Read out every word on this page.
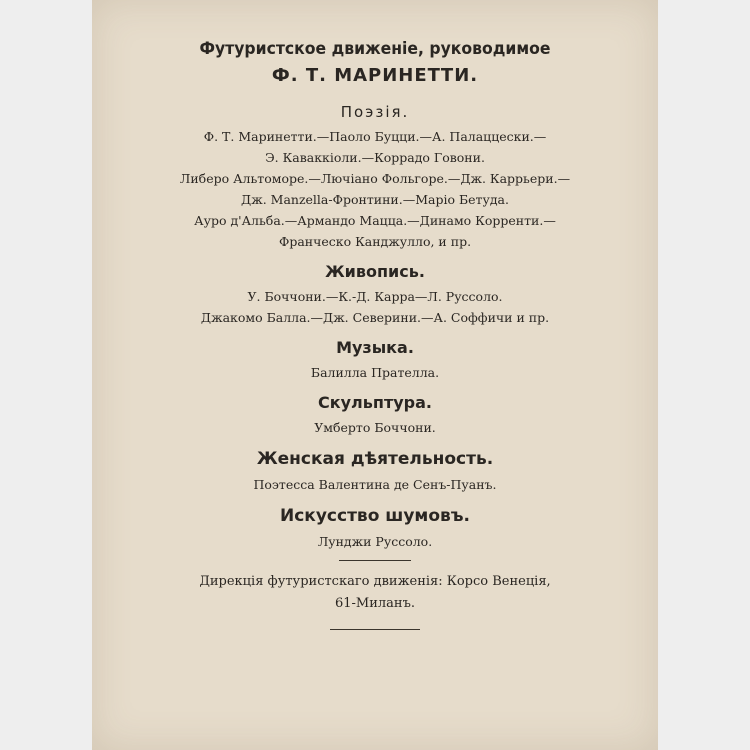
Футуристское движенiе, руководимое

Ф. Т. МАРИНЕТТИ.

Поэзiя.

Ф. Т. Маринетти.—Паоло Буцци.—А. Палаццески.—

Э. Каваккiоли.—Коррадо Говони.

Либеро Альтоморе.—Лючiано Фольгоре.—Дж. Каррьери.—

Дж. Manzella-Фронтини.—Марiо Бетуда.

Ауро д'Альба.—Армандо Мацца.—Динамо Корренти.—

Франческо Канджулло, и пр.

Живопись.

У. Боччони.—К.-Д. Карра—Л. Руссоло.

Джакомо Балла.—Дж. Северини.—А. Соффичи и пр.

Музыка.

Балилла Пpателла.

Скульптура.

Умберто Боччони.

Женская дѣятельность.

Поэтесса Валентина де Сенъ-Пуанъ.

Искусство шумовъ.

Лунджи Руссоло.

Дирекцiя футуристскаго движенiя: Корсо Венецiя,

61-Миланъ.
